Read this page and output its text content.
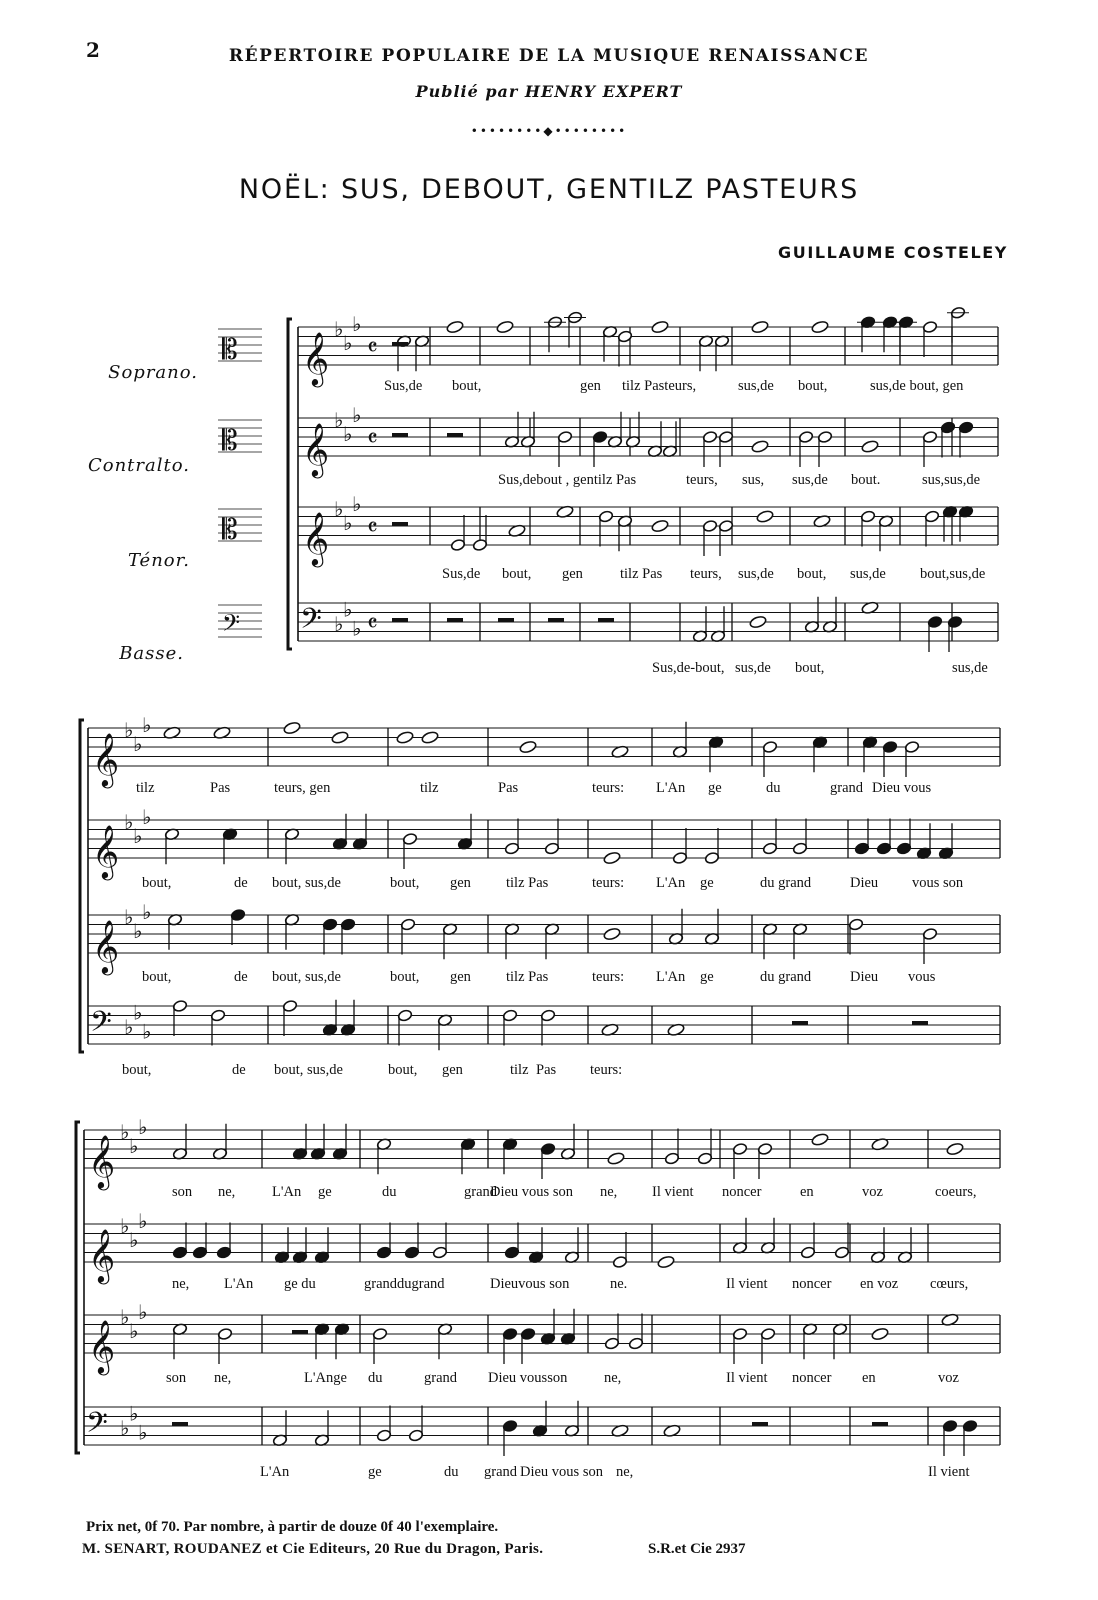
2	RÉPERTOIRE POPULAIRE DE LA MUSIQUE RENAISSANCE
Publié par HENRY EXPERT
••••••••◆••••••••
NOËL: SUS, DEBOUT, GENTILZ PASTEURS
GUILLAUME COSTELEY
Soprano.
Contralto.
Ténor.
Basse.
𝄞
♭
♭
♭
𝄴
𝄞
♭
♭
♭
𝄴
𝄞
♭
♭
♭
𝄴
𝄢 ♭
♭
♭ 𝄴
𝄡
𝄡
𝄡
𝄢
𝄞
♭
♭
♭
𝄞
♭
♭
♭
𝄞
♭
♭
♭
𝄢 ♭
♭
♭
𝄞
♭
♭
♭
𝄞
♭
♭
♭
𝄞
♭
♭
♭
𝄢 ♭
♭
♭
Sus,de bout,	gen tilz Pasteurs,	sus,de bout,	sus,de bout, gen
Sus,debout , gentilz Pas	teurs, sus, sus,de bout.	sus,sus,de
Sus,de bout, gen	tilz Pas teurs, sus,de bout, sus,de bout,sus,de
Sus,de-bout, sus,de bout,	sus,de
tilz	Pas	teurs, gen	tilz	Pas	teurs: L'An ge	du	grand Dieu vous
bout,	de bout, sus,de	bout, gen tilz Pas	teurs: L'An ge	du grand	Dieu vous son
bout,	de bout, sus,de	bout, gen tilz Pas	teurs: L'An ge	du grand	Dieu vous
bout,	de bout, sus,de	bout, gen	tilz Pas teurs:
son ne,	L'An ge	du	grand
Dieu vous son ne, Il vient noncer	en	voz	coeurs,
ne, L'An ge du	granddugrand	Dieuvous son	ne.	Il vient noncer en voz cœurs,
son ne,	L'Ange du	grand Dieu vousson	ne,	Il vient noncer en	voz
L'An	ge	du grand Dieu vous son ne,	Il vient
Prix net, 0f 70. Par nombre, à partir de douze 0f 40 l'exemplaire.
M. SENART, ROUDANEZ et Cie Editeurs, 20 Rue du Dragon, Paris.	S.R.et Cie 2937
